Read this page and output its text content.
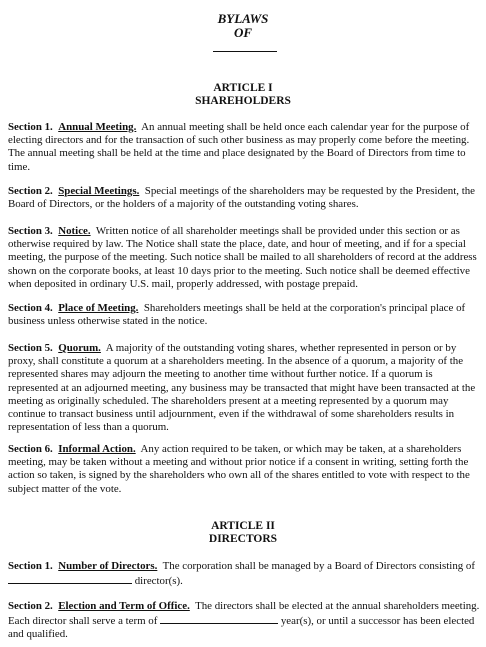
BYLAWS
OF
ARTICLE I
SHAREHOLDERS
Section 1. Annual Meeting. An annual meeting shall be held once each calendar year for the purpose of electing directors and for the transaction of such other business as may properly come before the meeting. The annual meeting shall be held at the time and place designated by the Board of Directors from time to time.
Section 2. Special Meetings. Special meetings of the shareholders may be requested by the President, the Board of Directors, or the holders of a majority of the outstanding voting shares.
Section 3. Notice. Written notice of all shareholder meetings shall be provided under this section or as otherwise required by law. The Notice shall state the place, date, and hour of meeting, and if for a special meeting, the purpose of the meeting. Such notice shall be mailed to all shareholders of record at the address shown on the corporate books, at least 10 days prior to the meeting. Such notice shall be deemed effective when deposited in ordinary U.S. mail, properly addressed, with postage prepaid.
Section 4. Place of Meeting. Shareholders meetings shall be held at the corporation's principal place of business unless otherwise stated in the notice.
Section 5. Quorum. A majority of the outstanding voting shares, whether represented in person or by proxy, shall constitute a quorum at a shareholders meeting. In the absence of a quorum, a majority of the represented shares may adjourn the meeting to another time without further notice. If a quorum is represented at an adjourned meeting, any business may be transacted that might have been transacted at the meeting as originally scheduled. The shareholders present at a meeting represented by a quorum may continue to transact business until adjournment, even if the withdrawal of some shareholders results in representation of less than a quorum.
Section 6. Informal Action. Any action required to be taken, or which may be taken, at a shareholders meeting, may be taken without a meeting and without prior notice if a consent in writing, setting forth the action so taken, is signed by the shareholders who own all of the shares entitled to vote with respect to the subject matter of the vote.
ARTICLE II
DIRECTORS
Section 1. Number of Directors. The corporation shall be managed by a Board of Directors consisting of  director(s).
Section 2. Election and Term of Office. The directors shall be elected at the annual shareholders meeting. Each director shall serve a term of	year(s), or until a successor has been elected and qualified.
